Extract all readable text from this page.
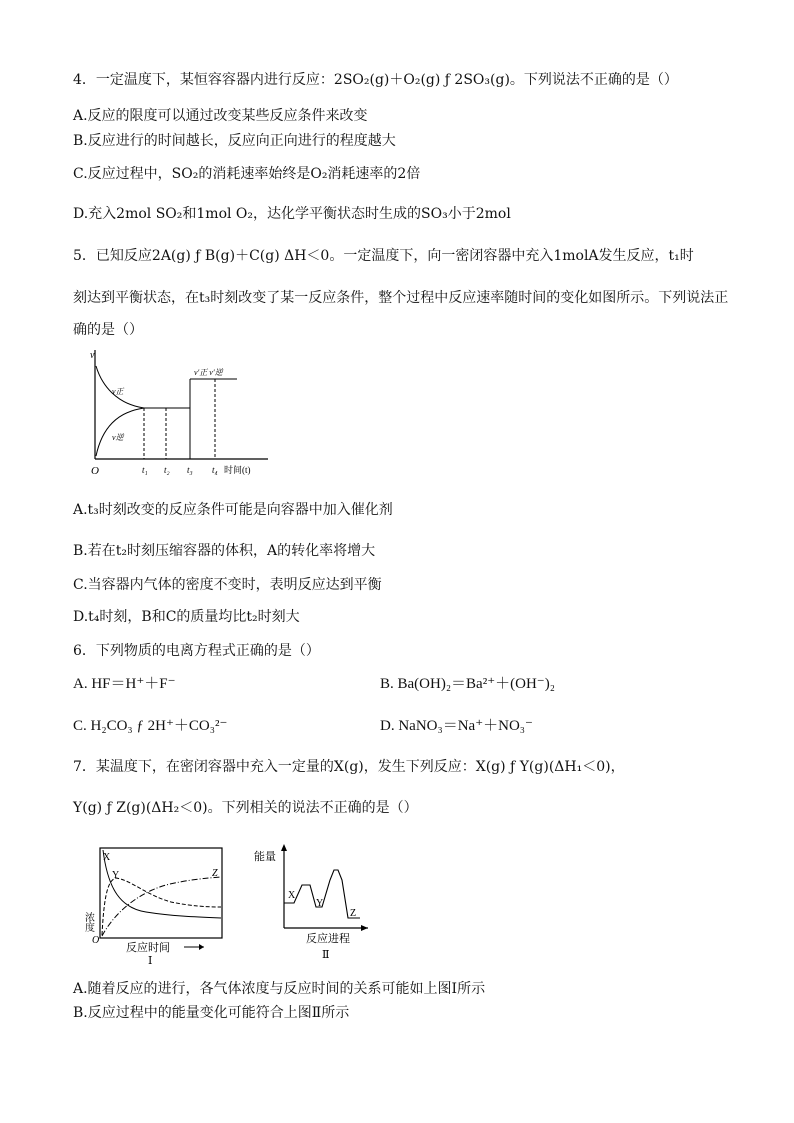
4．一定温度下，某恒容容器内进行反应：2SO₂(g)＋O₂(g) ƒ 2SO₃(g)。下列说法不正确的是（）
A.反应的限度可以通过改变某些反应条件来改变
B.反应进行的时间越长，反应向正向进行的程度越大
C.反应过程中，SO₂的消耗速率始终是O₂消耗速率的2倍
D.充入2mol SO₂和1mol O₂，达化学平衡状态时生成的SO₃小于2mol
5．已知反应2A(g) ƒ B(g)＋C(g) ΔH＜0。一定温度下，向一密闭容器中充入1molA发生反应，t₁时
刻达到平衡状态，在t₃时刻改变了某一反应条件，整个过程中反应速率随时间的变化如图所示。下列说法正
确的是（）
v
O
v正
v逆
v′正 v′逆
t₁ t₂ t₃ t₄ 时间(t)
A.t₃时刻改变的反应条件可能是向容器中加入催化剂
B.若在t₂时刻压缩容器的体积，A的转化率将增大
C.当容器内气体的密度不变时，表明反应达到平衡
D.t₄时刻，B和C的质量均比t₂时刻大
6．下列物质的电离方程式正确的是（）
A. HF＝H⁺＋F⁻	B. Ba(OH)₂＝Ba²⁺＋(OH⁻)₂
C. H₂CO₃ ƒ 2H⁺＋CO₃²⁻	D. NaNO₃＝Na⁺＋NO₃⁻
7．某温度下，在密闭容器中充入一定量的X(g)，发生下列反应：X(g) ƒ Y(g)(ΔH₁＜0)，
Y(g) ƒ Z(g)(ΔH₂＜0)。下列相关的说法不正确的是（）
浓度
O
X
Y	Z
反应时间
Ⅰ
能量
X
Y
Z
反应进程
Ⅱ
A.随着反应的进行，各气体浓度与反应时间的关系可能如上图Ⅰ所示
B.反应过程中的能量变化可能符合上图Ⅱ所示
